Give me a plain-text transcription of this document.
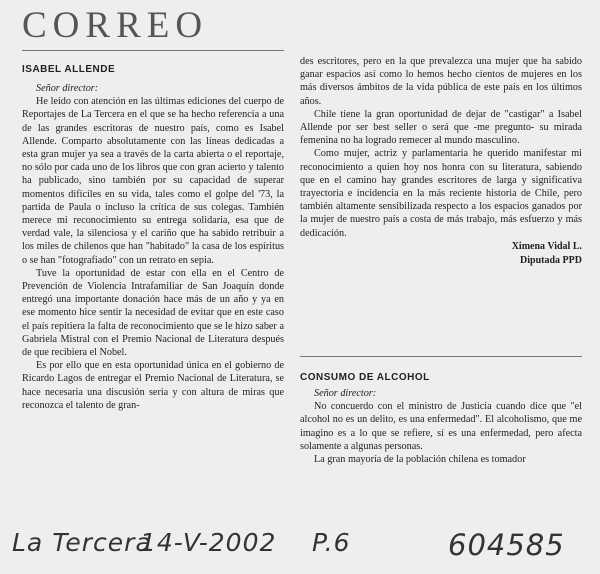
CORREO
ISABEL ALLENDE

Señor director:

He leído con atención en las últimas ediciones del cuerpo de Reportajes de La Tercera en el que se ha hecho referencia a una de las grandes escritoras de nuestro país, como es Isabel Allende. Comparto absolutamente con las líneas dedicadas a esta gran mujer ya sea a través de la carta abierta o el reportaje, no sólo por cada uno de los libros que con gran acierto y talento ha publicado, sino también por su capacidad de superar momentos difíciles en su vida, tales como el golpe del '73, la partida de Paula o incluso la crítica de sus colegas. También merece mi reconocimiento su entrega solidaria, esa que de verdad vale, la silenciosa y el cariño que ha sabido retribuir a los miles de chilenos que han "habitado" la casa de los espíritus o se han "fotografiado" con un retrato en sepia.

Tuve la oportunidad de estar con ella en el Centro de Prevención de Violencia Intrafamiliar de San Joaquín donde entregó una importante donación hace más de un año y ya en ese momento hice sentir la necesidad de evitar que en este caso el país repitiera la falta de reconocimiento que se le hizo saber a Gabriela Mistral con el Premio Nacional de Literatura después de que recibiera el Nobel.

Es por ello que en esta oportunidad única en el gobierno de Ricardo Lagos de entregar el Premio Nacional de Literatura, se hace necesaria una discusión seria y con altura de miras que reconozca el talento de gran-

des escritores, pero en la que prevalezca una mujer que ha sabido ganar espacios así como lo hemos hecho cientos de mujeres en los más diversos ámbitos de la vida pública de este país en los últimos años.

Chile tiene la gran oportunidad de dejar de "castigar" a Isabel Allende por ser best seller o será que -me pregunto- su mirada femenina no ha logrado remecer al mundo masculino.

Como mujer, actriz y parlamentaria he querido manifestar mi reconocimiento a quien hoy nos honra con su literatura, sabiendo que en el camino hay grandes escritores de larga y significativa trayectoria e incidencia en la más reciente historia de Chile, pero también altamente sensibilizada respecto a los espacios ganados por la mujer de nuestro país a costa de más trabajo, más esfuerzo y más dedicación.

Ximena Vidal L.

Diputada PPD

CONSUMO DE ALCOHOL

Señor director:

No concuerdo con el ministro de Justicia cuando dice que "el alcohol no es un delito, es una enfermedad". El alcoholismo, que me imagino es a lo que se refiere, sí es una enfermedad, pero afecta solamente a algunas personas.

La gran mayoría de la población chilena es tomador

La Tercera
14-V-2002 P.6	604585
